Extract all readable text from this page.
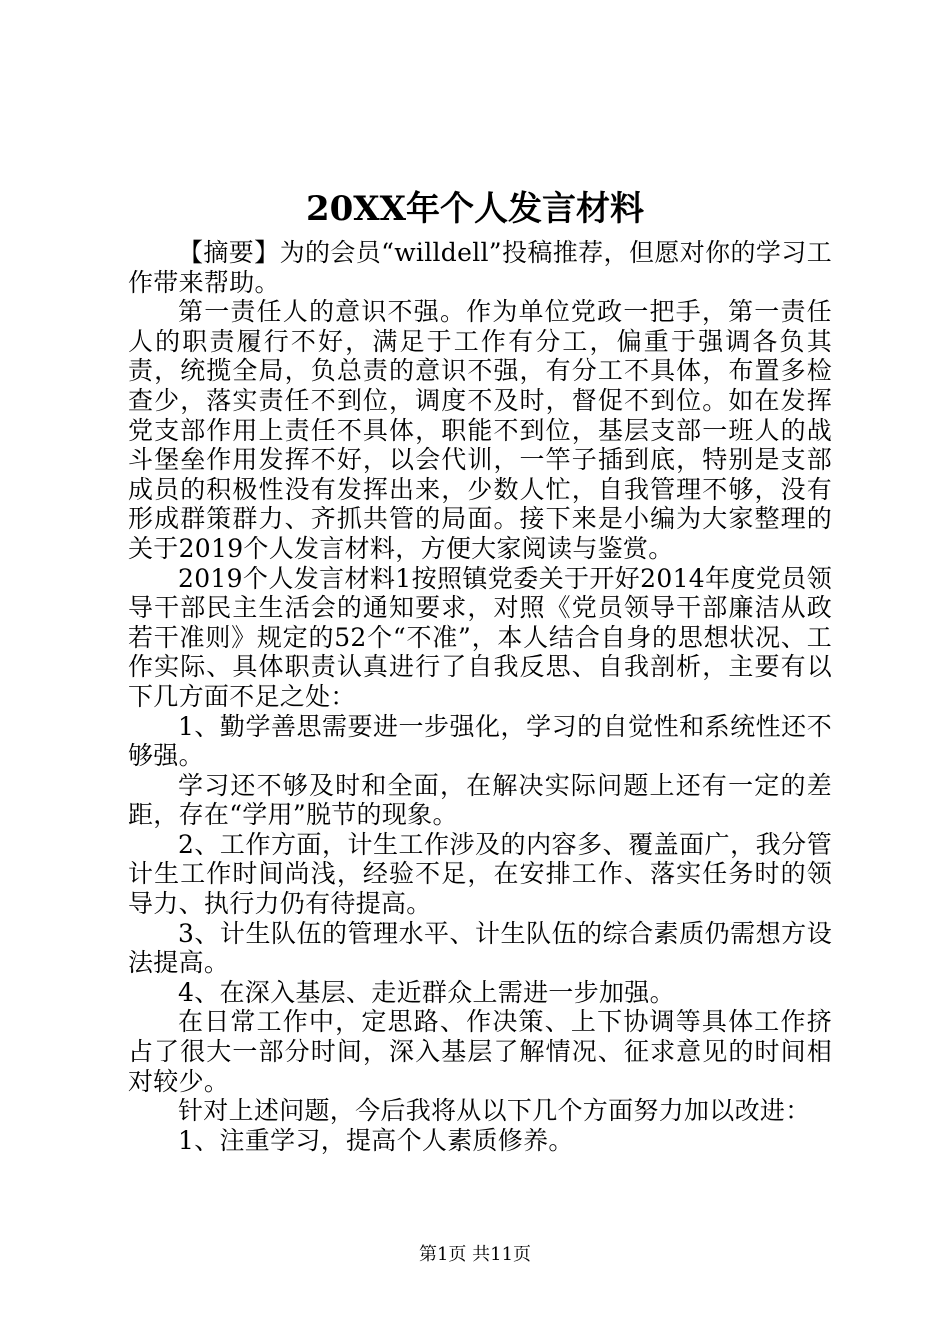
20XX年个人发言材料

【摘要】为的会员“willdell”投稿推荐，但愿对你的学习工作带来帮助。

第一责任人的意识不强。作为单位党政一把手，第一责任人的职责履行不好，满足于工作有分工，偏重于强调各负其责，统揽全局，负总责的意识不强，有分工不具体，布置多检查少，落实责任不到位，调度不及时，督促不到位。如在发挥党支部作用上责任不具体，职能不到位，基层支部一班人的战斗堡垒作用发挥不好，以会代训，一竿子插到底，特别是支部成员的积极性没有发挥出来，少数人忙，自我管理不够，没有形成群策群力、齐抓共管的局面。接下来是小编为大家整理的关于2019个人发言材料，方便大家阅读与鉴赏。

2019个人发言材料1按照镇党委关于开好2014年度党员领导干部民主生活会的通知要求，对照《党员领导干部廉洁从政若干准则》规定的52个“不准”，本人结合自身的思想状况、工作实际、具体职责认真进行了自我反思、自我剖析，主要有以下几方面不足之处：

1、勤学善思需要进一步强化，学习的自觉性和系统性还不够强。

学习还不够及时和全面，在解决实际问题上还有一定的差距，存在“学用”脱节的现象。

2、工作方面，计生工作涉及的内容多、覆盖面广，我分管计生工作时间尚浅，经验不足，在安排工作、落实任务时的领导力、执行力仍有待提高。

3、计生队伍的管理水平、计生队伍的综合素质仍需想方设法提高。

4、在深入基层、走近群众上需进一步加强。

在日常工作中，定思路、作决策、上下协调等具体工作挤占了很大一部分时间，深入基层了解情况、征求意见的时间相对较少。

针对上述问题，今后我将从以下几个方面努力加以改进：

1、注重学习，提高个人素质修养。

第1页 共11页
